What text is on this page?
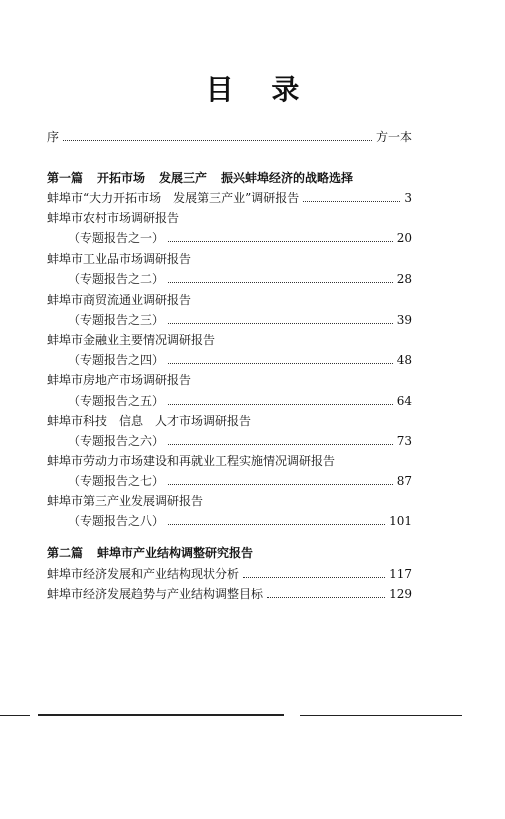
目 录
序	方一本
第一篇 开拓市场 发展三产 振兴蚌埠经济的战略选择
蚌埠市“大力开拓市场　发展第三产业”调研报告	3
蚌埠市农村市场调研报告
（专题报告之一）	20
蚌埠市工业品市场调研报告
（专题报告之二）	28
蚌埠市商贸流通业调研报告
（专题报告之三）	39
蚌埠市金融业主要情况调研报告
（专题报告之四）	48
蚌埠市房地产市场调研报告
（专题报告之五）	64
蚌埠市科技　信息　人才市场调研报告
（专题报告之六）	73
蚌埠市劳动力市场建设和再就业工程实施情况调研报告
（专题报告之七）	87
蚌埠市第三产业发展调研报告
（专题报告之八）	101
第二篇 蚌埠市产业结构调整研究报告
蚌埠市经济发展和产业结构现状分析	117
蚌埠市经济发展趋势与产业结构调整目标	129
